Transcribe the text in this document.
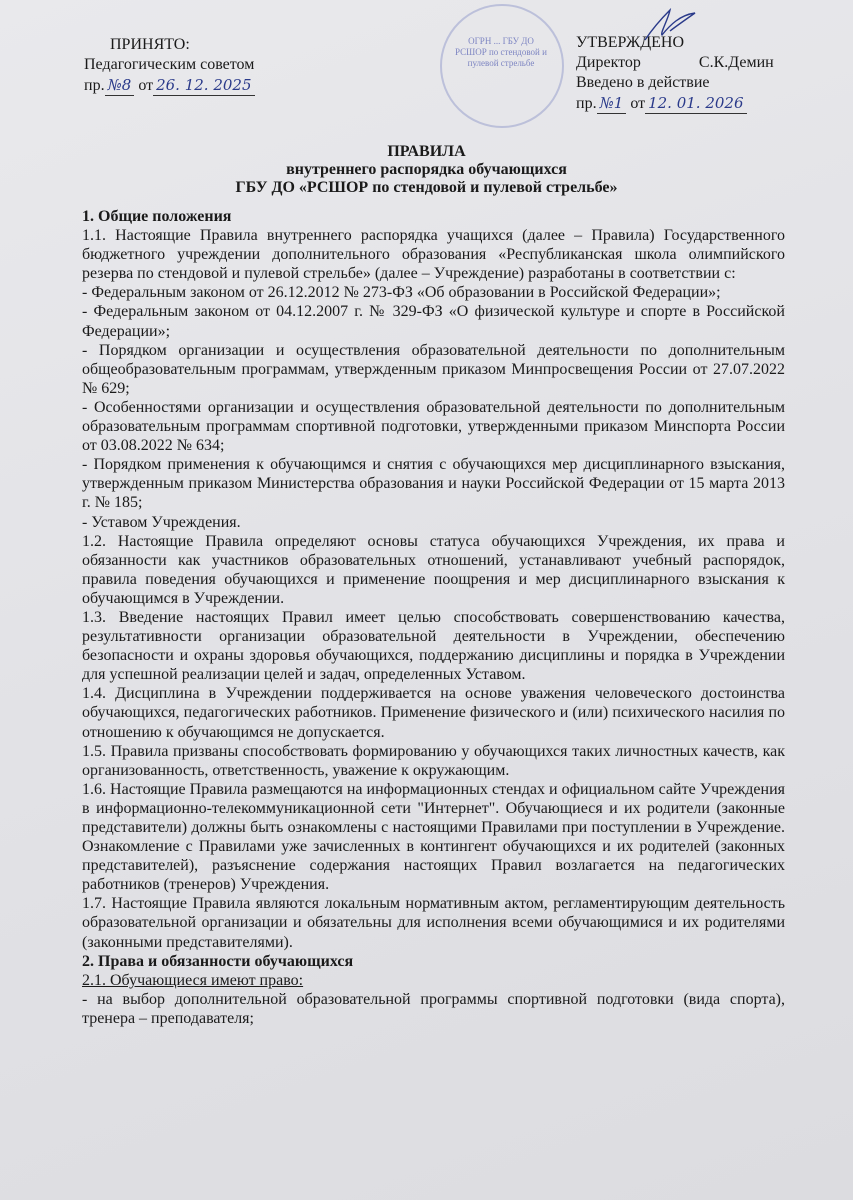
ОГРН ... ГБУ ДО РСШОР по стендовой и пулевой стрельбе
ПРИНЯТО:
Педагогическим советом
пр. №8 от 26. 12. 2025
УТВЕРЖДЕНО
Директор	С.К.Демин
Введено в действие
пр. №1 от 12. 01. 2026
ПРАВИЛА
внутреннего распорядка обучающихся
ГБУ ДО «РСШОР по стендовой и пулевой стрельбе»

1. Общие положения

1.1. Настоящие Правила внутреннего распорядка учащихся (далее – Правила) Государственного бюджетного учреждении дополнительного образования «Республиканская школа олимпийского резерва по стендовой и пулевой стрельбе» (далее – Учреждение) разработаны в соответствии с:

- Федеральным законом от 26.12.2012 № 273-ФЗ «Об образовании в Российской Федерации»;

- Федеральным законом от 04.12.2007 г. № 329-ФЗ «О физической культуре и спорте в Российской Федерации»;

- Порядком организации и осуществления образовательной деятельности по дополнительным общеобразовательным программам, утвержденным приказом Минпросвещения России от 27.07.2022 № 629;

- Особенностями организации и осуществления образовательной деятельности по дополнительным образовательным программам спортивной подготовки, утвержденными приказом Минспорта России от 03.08.2022 № 634;

- Порядком применения к обучающимся и снятия с обучающихся мер дисциплинарного взыскания, утвержденным приказом Министерства образования и науки Российской Федерации от 15 марта 2013 г. № 185;

- Уставом Учреждения.

1.2. Настоящие Правила определяют основы статуса обучающихся Учреждения, их права и обязанности как участников образовательных отношений, устанавливают учебный распорядок, правила поведения обучающихся и применение поощрения и мер дисциплинарного взыскания к обучающимся в Учреждении.

1.3. Введение настоящих Правил имеет целью способствовать совершенствованию качества, результативности организации образовательной деятельности в Учреждении, обеспечению безопасности и охраны здоровья обучающихся, поддержанию дисциплины и порядка в Учреждении для успешной реализации целей и задач, определенных Уставом.

1.4. Дисциплина в Учреждении поддерживается на основе уважения человеческого достоинства обучающихся, педагогических работников. Применение физического и (или) психического насилия по отношению к обучающимся не допускается.

1.5. Правила призваны способствовать формированию у обучающихся таких личностных качеств, как организованность, ответственность, уважение к окружающим.

1.6. Настоящие Правила размещаются на информационных стендах и официальном сайте Учреждения в информационно-телекоммуникационной сети "Интернет". Обучающиеся и их родители (законные представители) должны быть ознакомлены с настоящими Правилами при поступлении в Учреждение. Ознакомление с Правилами уже зачисленных в контингент обучающихся и их родителей (законных представителей), разъяснение содержания настоящих Правил возлагается на педагогических работников (тренеров) Учреждения.

1.7. Настоящие Правила являются локальным нормативным актом, регламентирующим деятельность образовательной организации и обязательны для исполнения всеми обучающимися и их родителями (законными представителями).

2. Права и обязанности обучающихся

2.1. Обучающиеся имеют право:

- на выбор дополнительной образовательной программы спортивной подготовки (вида спорта), тренера – преподавателя;
